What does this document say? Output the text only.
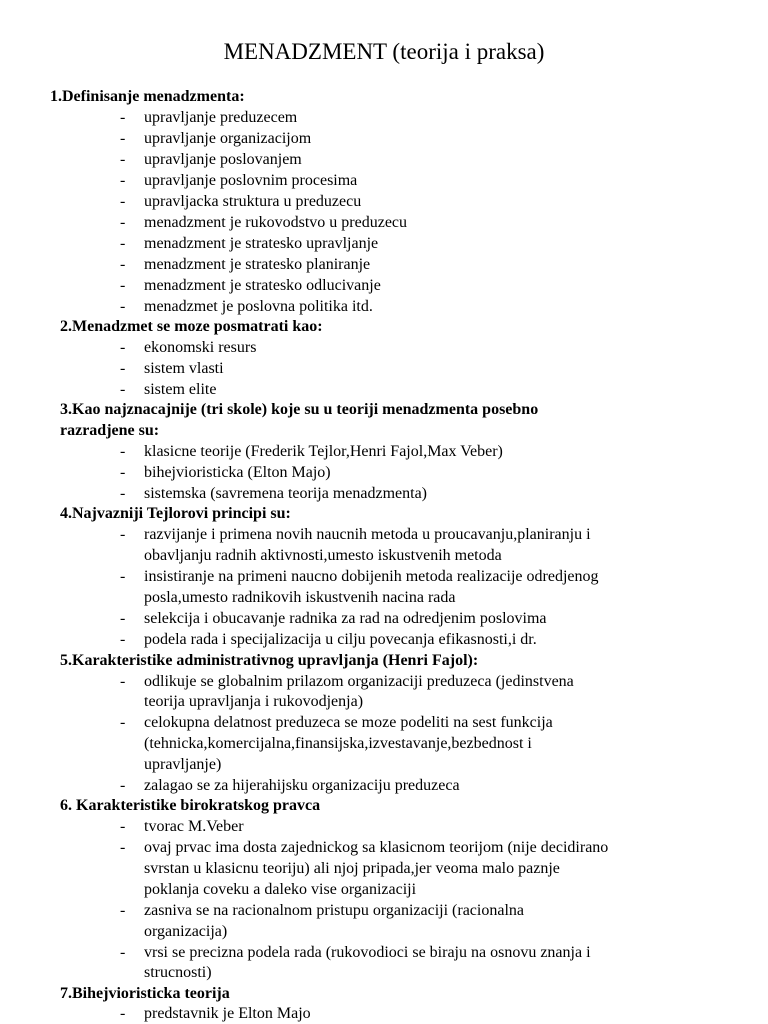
MENADZMENT (teorija i praksa)
1.Definisanje menadzmenta:
- upravljanje preduzecem
- upravljanje organizacijom
- upravljanje poslovanjem
- upravljanje poslovnim procesima
- upravljacka struktura u preduzecu
- menadzment je rukovodstvo u preduzecu
- menadzment je stratesko upravljanje
- menadzment je stratesko planiranje
- menadzment je stratesko odlucivanje
- menadzmet je poslovna politika itd.
2.Menadzmet se moze posmatrati kao:
- ekonomski resurs
- sistem vlasti
- sistem elite
3.Kao najznacajnije (tri skole) koje su u teoriji menadzmenta posebno
razradjene su:
- klasicne teorije (Frederik Tejlor,Henri Fajol,Max Veber)
- bihejvioristicka (Elton Majo)
- sistemska (savremena teorija menadzmenta)
4.Najvazniji Tejlorovi principi su:
- razvijanje i primena novih naucnih metoda u proucavanju,planiranju i
obavljanju radnih aktivnosti,umesto iskustvenih metoda
- insistiranje na primeni naucno dobijenih metoda realizacije odredjenog
posla,umesto radnikovih iskustvenih nacina rada
- selekcija i obucavanje radnika za rad na odredjenim poslovima
- podela rada i specijalizacija u cilju povecanja efikasnosti,i dr.
5.Karakteristike administrativnog upravljanja (Henri Fajol):
- odlikuje se globalnim prilazom organizaciji preduzeca (jedinstvena
teorija upravljanja i rukovodjenja)
- celokupna delatnost preduzeca se moze podeliti na sest funkcija
(tehnicka,komercijalna,finansijska,izvestavanje,bezbednost i
upravljanje)
- zalagao se za hijerahijsku organizaciju preduzeca
6. Karakteristike birokratskog pravca
- tvorac M.Veber
- ovaj prvac ima dosta zajednickog sa klasicnom teorijom (nije decidirano
svrstan u klasicnu teoriju) ali njoj pripada,jer veoma malo paznje
poklanja coveku a daleko vise organizaciji
- zasniva se na racionalnom pristupu organizaciji (racionalna
organizacija)
- vrsi se precizna podela rada (rukovodioci se biraju na osnovu znanja i
strucnosti)
7.Bihejvioristicka teorija
- predstavnik je Elton Majo
